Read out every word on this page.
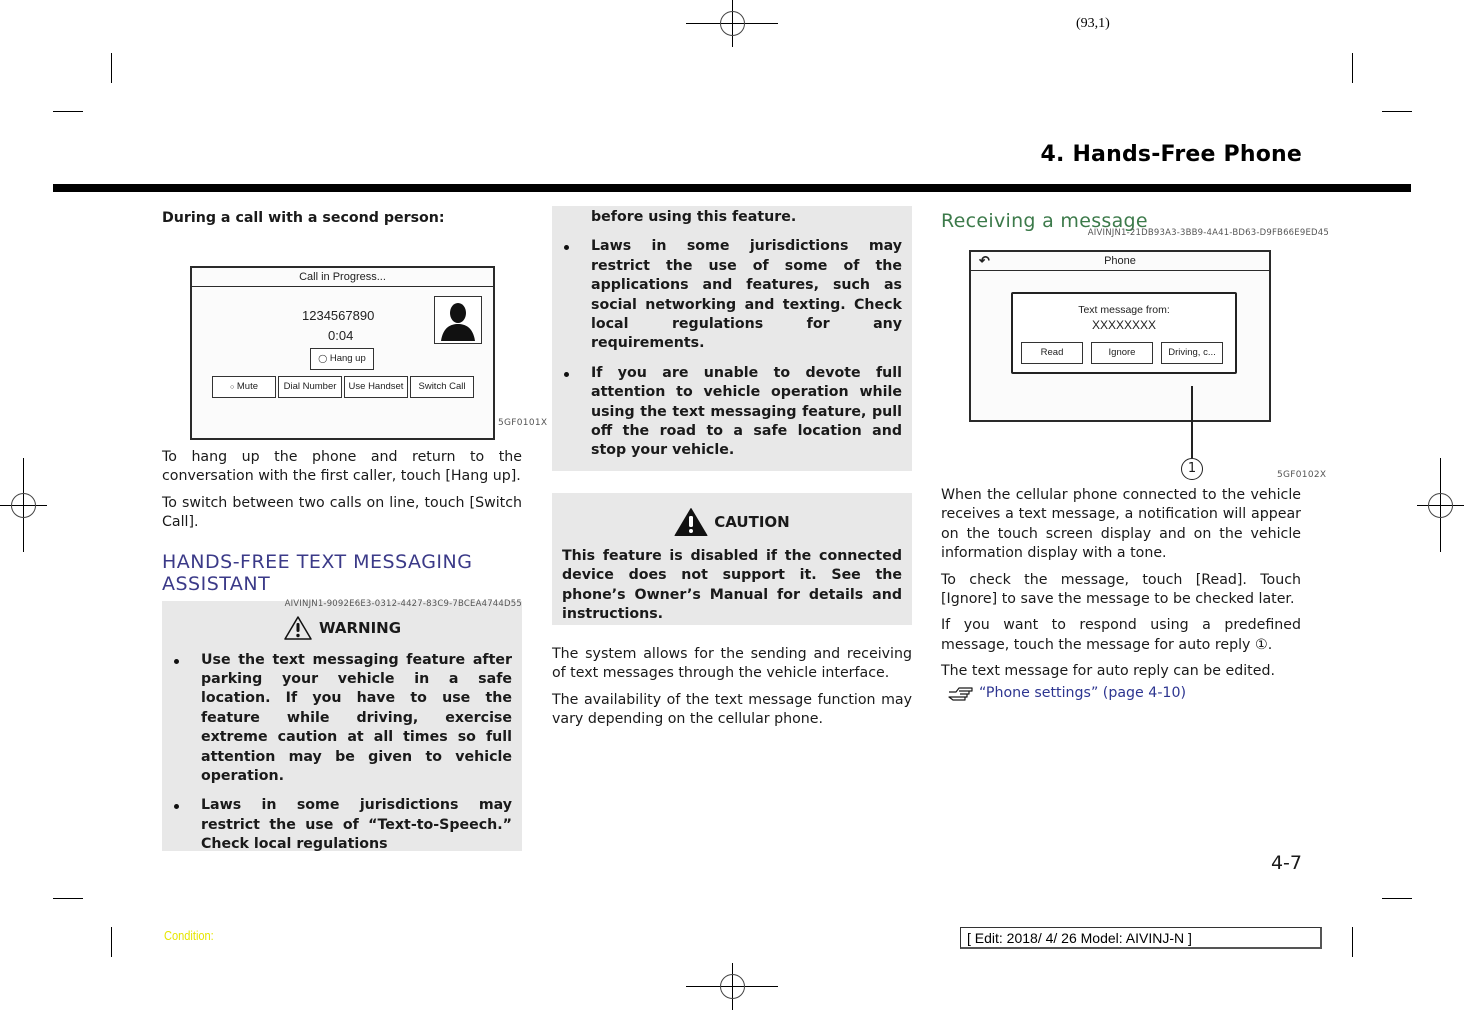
(93,1)
4. Hands-Free Phone
During a call with a second person:
Call in Progress...
1234567890
0:04
◯ Hang up
○ Mute	Dial Number	Use Handset	Switch Call
5GF0101X

To hang up the phone and return to the conversation with the first caller, touch [Hang up].

To switch between two calls on line, touch [Switch Call].

HANDS-FREE TEXT MESSAGING
ASSISTANT
AIVINJN1-9092E6E3-0312-4427-83C9-7BCEA4744D55
WARNING
Use the text messaging feature after parking your vehicle in a safe location. If you have to use the feature while driving, exercise extreme caution at all times so full attention may be given to vehicle operation.
Laws in some jurisdictions may restrict the use of “Text-to-Speech.” Check local regulations
before using this feature.
Laws in some jurisdictions may restrict the use of some of the applications and features, such as social networking and texting. Check local regulations for any requirements.
If you are unable to devote full attention to vehicle operation while using the text messaging feature, pull off the road to a safe location and stop your vehicle.
CAUTION

This feature is disabled if the connected device does not support it. See the phone’s Owner’s Manual for details and instructions.

The system allows for the sending and receiving of text messages through the vehicle interface.

The availability of the text message function may vary depending on the cellular phone.

Receiving a message
AIVINJN1-21DB93A3-3BB9-4A41-BD63-D9FB66E9ED45
↶	Phone
Text message from:
XXXXXXXX
Read	Ignore	Driving, c...
1	5GF0102X

When the cellular phone connected to the vehicle receives a text message, a notification will appear on the touch screen display and on the vehicle information display with a tone.

To check the message, touch [Read]. Touch [Ignore] to save the message to be checked later.

If you want to respond using a predefined message, touch the message for auto reply ①.

The text message for auto reply can be edited.

“Phone settings” (page 4-10)
4-7
Condition:	[ Edit: 2018/ 4/ 26 Model: AIVINJ-N ]
